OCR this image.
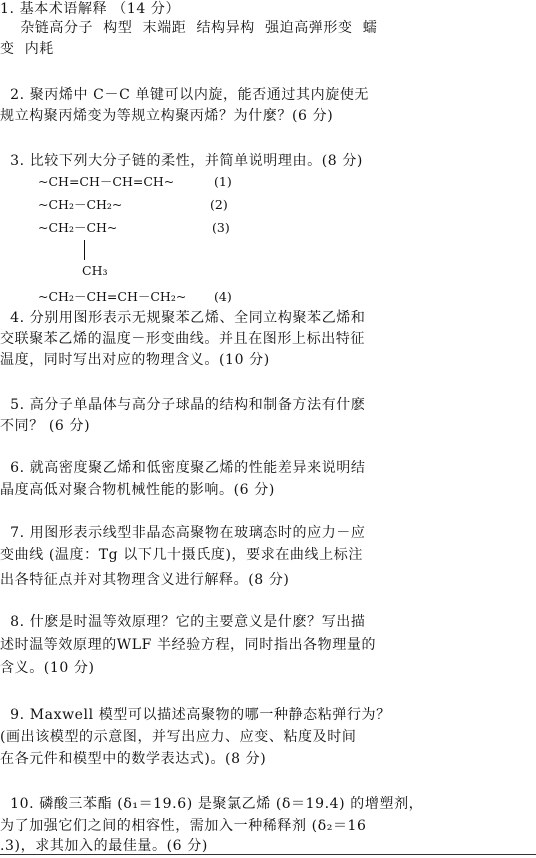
1. 基本术语解释 （14 分）

杂链高分子  构型  末端距  结构异构  强迫高弹形变  蠕

变  内耗

2. 聚丙烯中 C－C 单键可以内旋，能否通过其内旋使无

规立构聚丙烯变为等规立构聚丙烯？为什麼？(6 分)

3. 比较下列大分子链的柔性，并简单说明理由。(8 分)

~CH=CH－CH=CH~	(1)
~CH₂－CH₂~	(2)
~CH₂－CH~	(3)
CH₃
~CH₂－CH=CH－CH₂~ (4)

4. 分别用图形表示无规聚苯乙烯、全同立构聚苯乙烯和

交联聚苯乙烯的温度－形变曲线。并且在图形上标出特征

温度，同时写出对应的物理含义。(10 分)

5. 高分子单晶体与高分子球晶的结构和制备方法有什麽

不同？ (6 分)

6. 就高密度聚乙烯和低密度聚乙烯的性能差异来说明结

晶度高低对聚合物机械性能的影响。(6 分)

7. 用图形表示线型非晶态高聚物在玻璃态时的应力－应

变曲线 (温度：Tg 以下几十摄氏度)，要求在曲线上标注

出各特征点并对其物理含义进行解释。(8 分)

8. 什麽是时温等效原理？它的主要意义是什麽？写出描

述时温等效原理的WLF 半经验方程，同时指出各物理量的

含义。(10 分)

9. Maxwell 模型可以描述高聚物的哪一种静态粘弹行为？

(画出该模型的示意图，并写出应力、应变、粘度及时间

在各元件和模型中的数学表达式)。(8 分)

10. 磷酸三苯酯 (δ₁＝19.6) 是聚氯乙烯 (δ＝19.4) 的增塑剂，

为了加强它们之间的相容性，需加入一种稀释剂 (δ₂＝16

.3)，求其加入的最佳量。(6 分)
